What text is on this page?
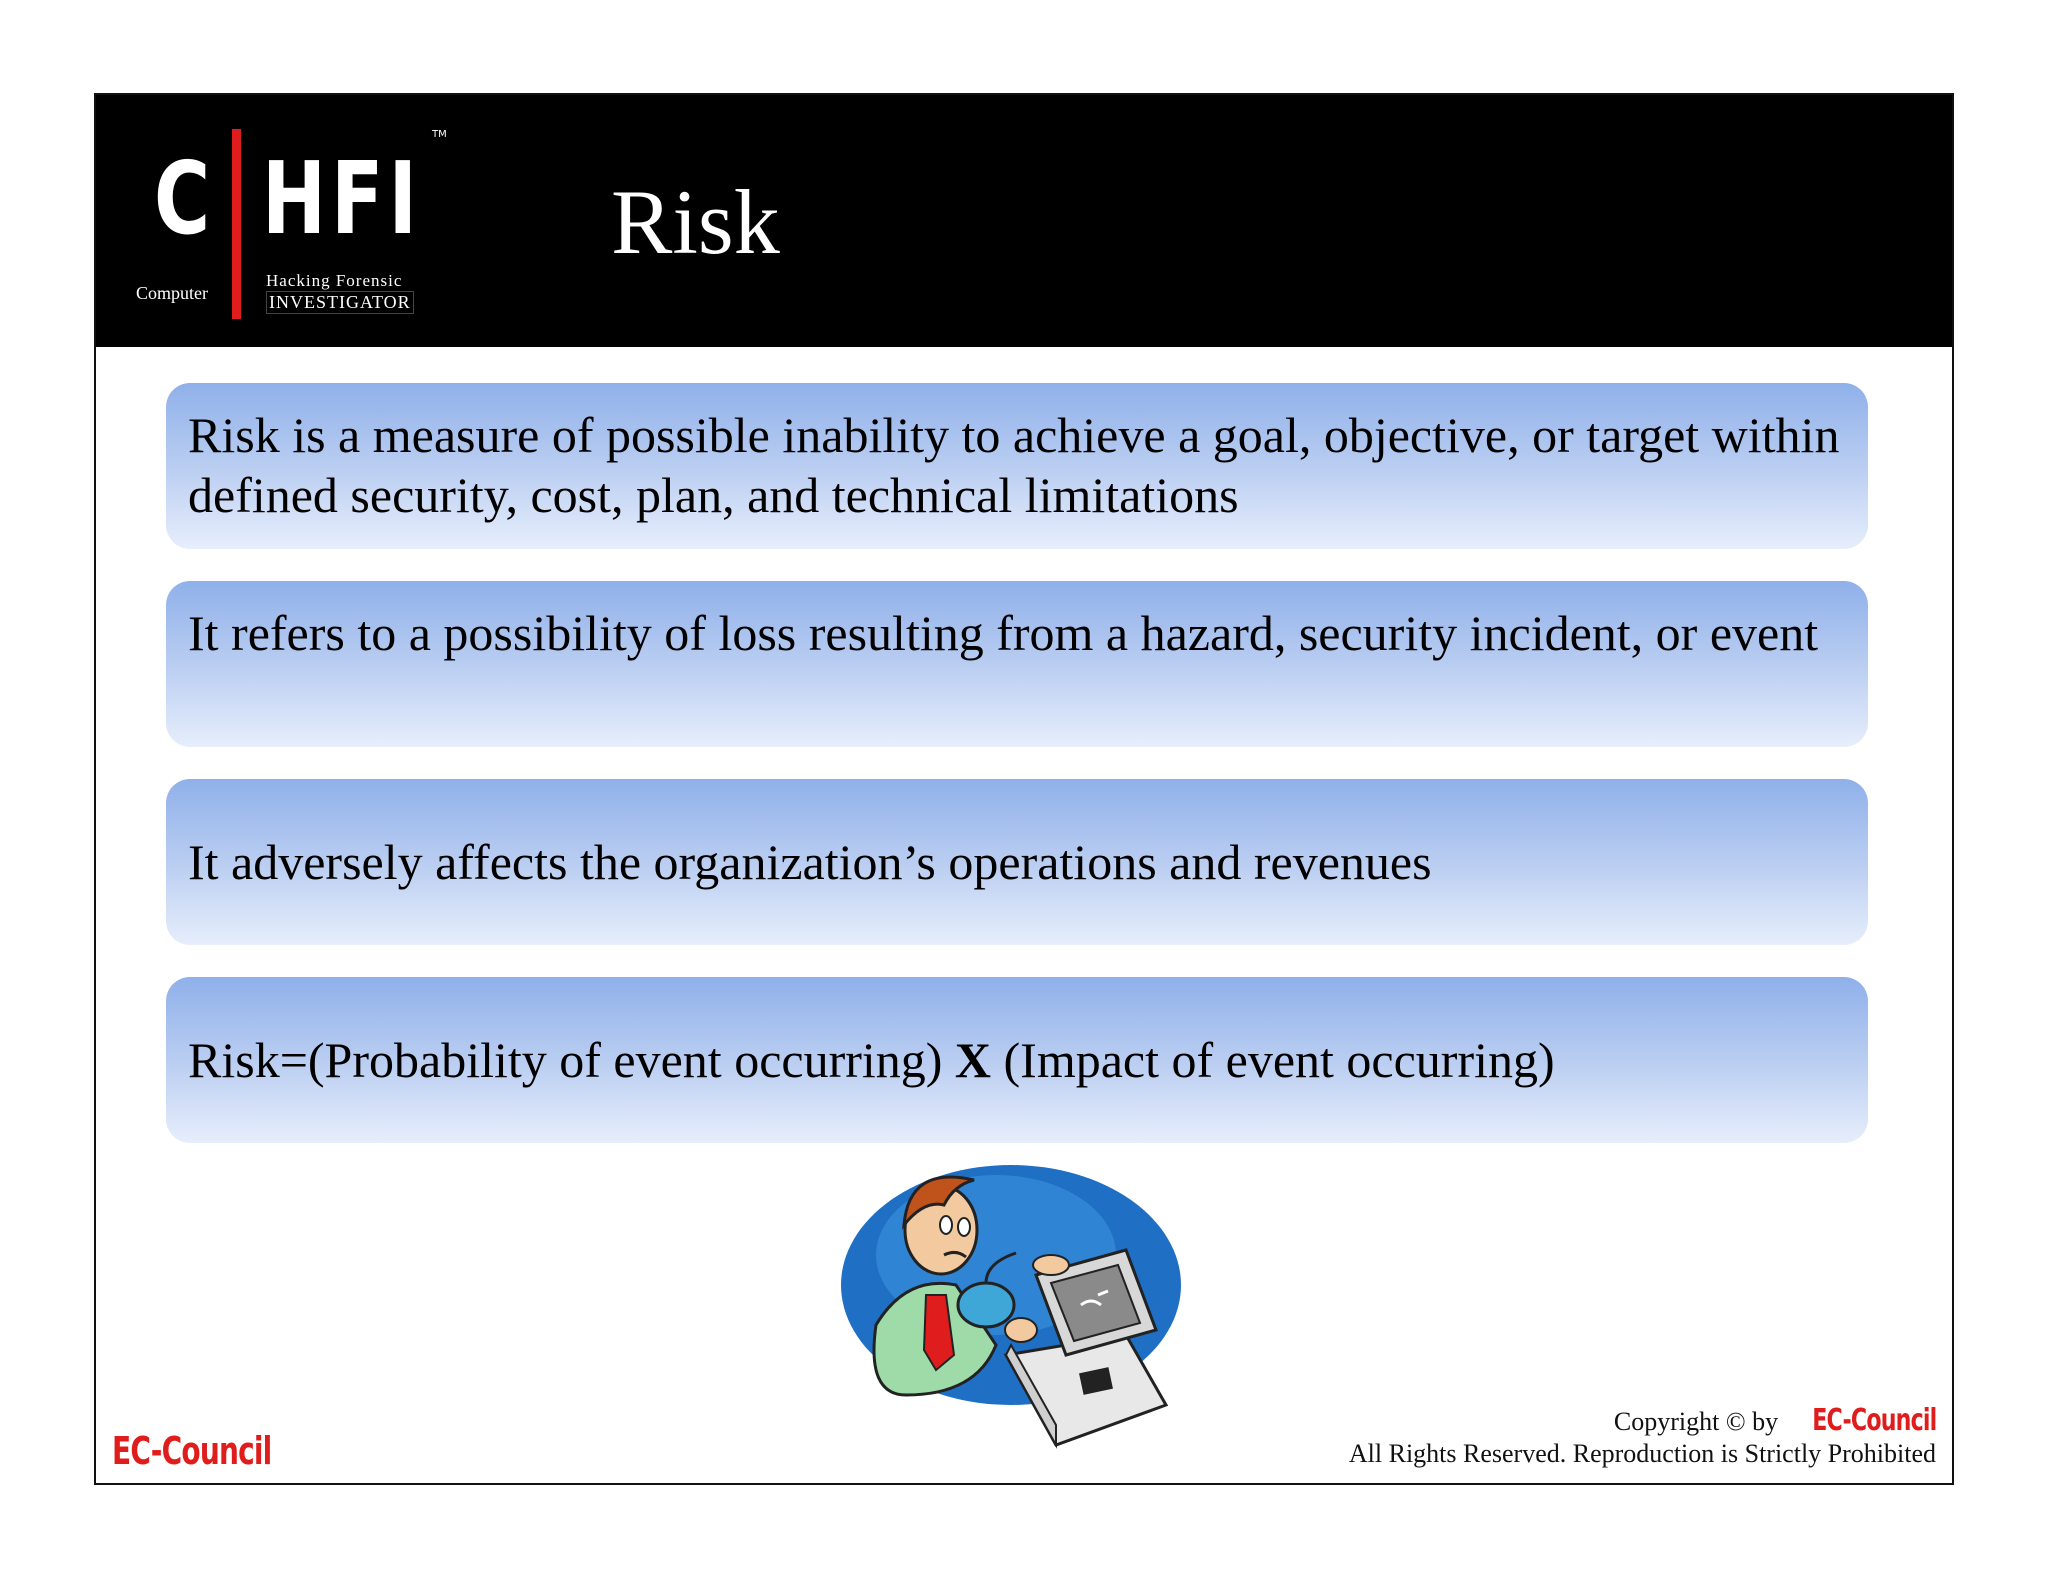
C HFI
TM
Computer
Hacking Forensic
INVESTIGATOR
Risk
Risk is a measure of possible inability to achieve a goal, objective, or target within defined security, cost, plan, and technical limitations
It refers to a possibility of loss resulting from a hazard, security incident, or event
It adversely affects the organization’s operations and revenues
Risk=(Probability of event occurring) X (Impact of event occurring)
EC-Council
Copyright © by EC-Council
All Rights Reserved. Reproduction is Strictly Prohibited
